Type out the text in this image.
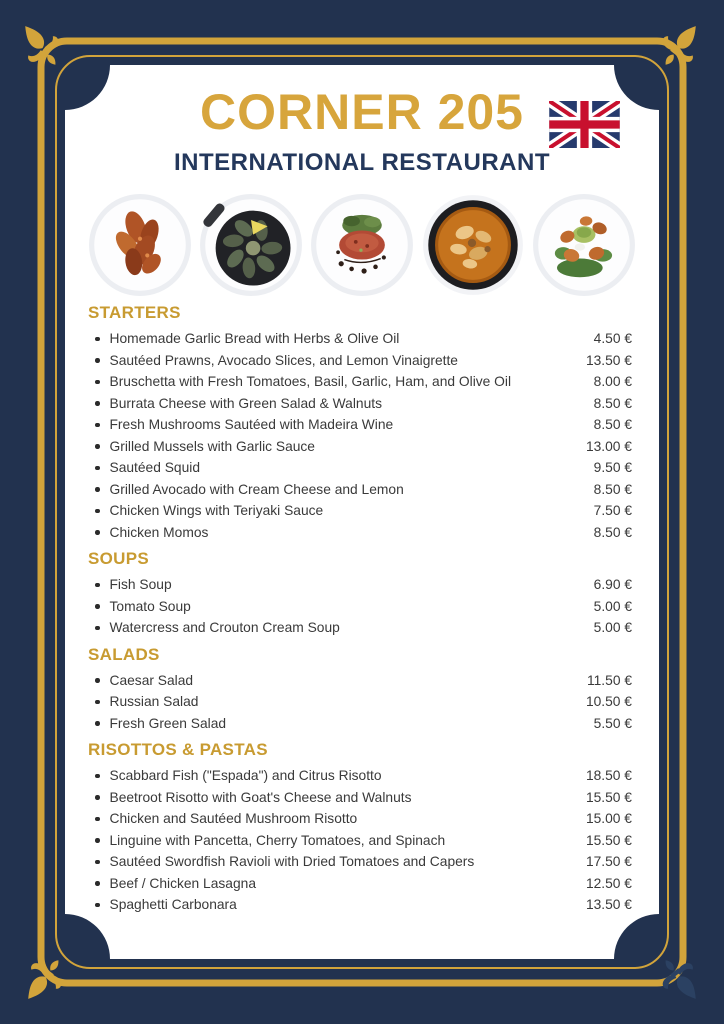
CORNER 205
INTERNATIONAL RESTAURANT
STARTERS
Homemade Garlic Bread with Herbs & Olive Oil	4.50 €
Sautéed Prawns, Avocado Slices, and Lemon Vinaigrette	13.50 €
Bruschetta with Fresh Tomatoes, Basil, Garlic, Ham, and Olive Oil	8.00 €
Burrata Cheese with Green Salad & Walnuts	8.50 €
Fresh Mushrooms Sautéed with Madeira Wine	8.50 €
Grilled Mussels with Garlic Sauce	13.00 €
Sautéed Squid	9.50 €
Grilled Avocado with Cream Cheese and Lemon	8.50 €
Chicken Wings with Teriyaki Sauce	7.50 €
Chicken Momos	8.50 €
SOUPS
Fish Soup	6.90 €
Tomato Soup	5.00 €
Watercress and Crouton Cream Soup	5.00 €
SALADS
Caesar Salad	11.50 €
Russian Salad	10.50 €
Fresh Green Salad	5.50 €
RISOTTOS & PASTAS
Scabbard Fish ("Espada") and Citrus Risotto	18.50 €
Beetroot Risotto with Goat's Cheese and Walnuts	15.50 €
Chicken and Sautéed Mushroom Risotto	15.00 €
Linguine with Pancetta, Cherry Tomatoes, and Spinach	15.50 €
Sautéed Swordfish Ravioli with Dried Tomatoes and Capers	17.50 €
Beef / Chicken Lasagna	12.50 €
Spaghetti Carbonara	13.50 €
